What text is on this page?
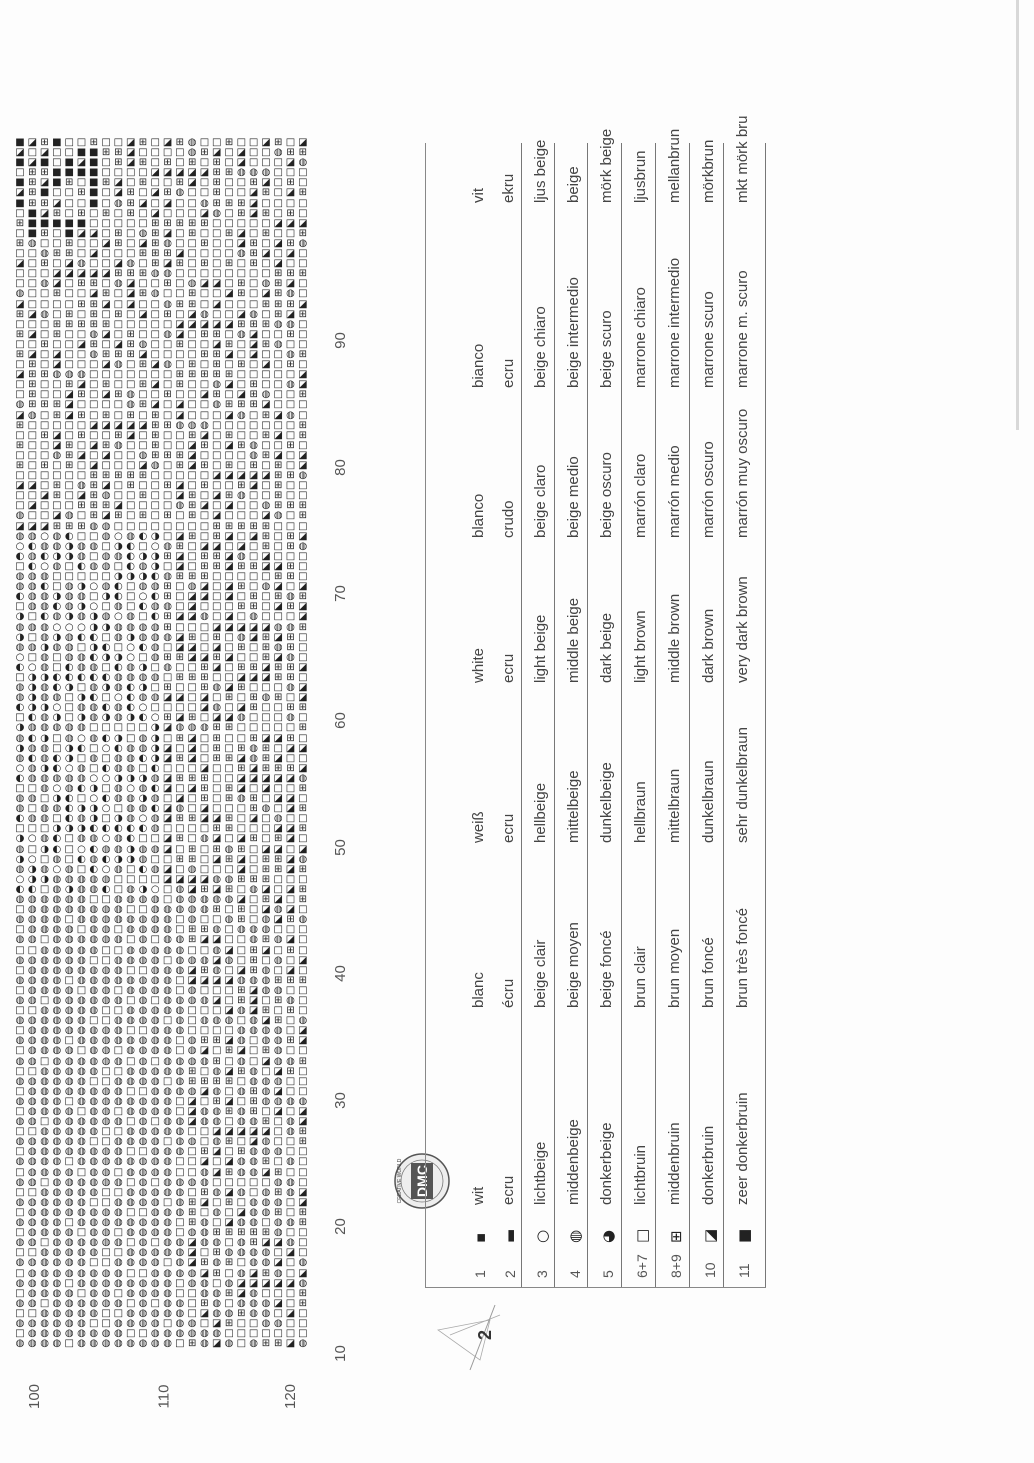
■ ◪ ⊞ ■ □ □ ⊞ □ □ ◪ ⊞ □ ◪ ⊞ ◍ □ □ ⊞ □ □ ◪ ⊞ □ ◪
◪ □ ◪ □ □ ■ ■ ⊞ ⊞ ◪ □ □ □ □ ◍ ⊞ ◪ □ ◪ □ □ ◍ ⊞ ⊞
■ ◪ ■ □ ■ ◪ ■ □ ⊞ ◪ ⊞ □ ⊞ □ ⊞ □ ⊞ □ ◪ □ □ □ ◪ ◍
□ ⊞ ⊞ ■ ■ ■ ■ □ □ □ □ ◪ ◪ ◪ ◪ ◪ ⊞ ⊞ ◍ ◍ ◍ □ □ □
■ ⊞ ◪ ■ ⊞ □ ■ ⊞ ◪ □ ⊞ □ □ ⊞ ◪ □ ⊞ □ □ ⊞ ◪ □ ⊞ □
◪ ⊞ ■ □ □ ⊞ ■ □ ◪ ⊞ □ ◪ ⊞ ◍ □ □ ⊞ □ □ ◪ ⊞ □ ◪ ⊞
■ ⊞ ⊞ ◪ □ □ ■ □ ◍ ⊞ ◪ □ ◪ □ □ ◍ ⊞ ⊞ ⊞ ◪ □ □ □ □
□ ■ ◪ ⊞ □ ⊞ □ ⊞ □ ⊞ □ ◪ □ □ □ ◪ ◍ □ ⊞ ◪ ⊞ □ ⊞ □
⊞ ■ ■ ■ ■ ■ □ □ □ □ □ ⊞ ⊞ ⊞ ⊞ ⊞ □ □ □ □ □ ◪ ◪ ◪
□ ■ ⊞ □ ■ ◪ ◪ □ ⊞ □ ◍ ⊞ ◪ □ ⊞ □ □ ⊞ ◪ □ ⊞ □ □ ⊞
⊞ ◍ □ □ ⊞ □ □ ◪ ⊞ □ ◪ ⊞ ◍ □ □ ⊞ □ □ ◪ ⊞ □ ◪ ⊞ ◍
□ □ ◍ ⊞ ⊞ □ ◪ □ □ □ ⊞ ⊞ ⊞ ◪ □ □ □ □ ◍ ⊞ ◪ □ ◪ □
◪ □ ⊞ □ ◪ ◍ □ □ ◪ ◍ □ ⊞ ◪ ⊞ □ ⊞ □ ⊞ □ ⊞ □ ◪ □ □
□ □ □ ◪ ◪ ◪ ◪ ◪ ⊞ ⊞ ⊞ ◍ ◍ □ □ □ □ □ □ □ □ ⊞ ⊞ ⊞
□ □ ◍ ◪ □ ⊞ ⊞ □ ◍ ◪ □ □ ⊞ □ ◍ ◪ ◪ □ ⊞ □ ◍ ⊞ ◪ □
◍ □ □ ⊞ □ □ ◪ ⊞ □ ◪ ⊞ ◍ □ □ ⊞ □ □ ◪ ⊞ □ ◪ ⊞ ◍ □
◪ □ □ □ □ ⊞ ⊞ ◪ □ ◪ □ □ ◍ ⊞ ⊞ □ ◪ □ □ □ ⊞ ⊞ ⊞ ◪
⊞ ◪ ◍ □ ⊞ □ ⊞ □ ⊞ □ ◪ □ ⊞ □ ◪ ◍ □ □ ◪ ◍ □ ⊞ ◪ ⊞
□ □ □ ⊞ ⊞ ⊞ ⊞ ⊞ □ □ □ □ □ ◪ ◪ ◪ ◪ ◪ ⊞ ⊞ ⊞ ◍ ◍ □
⊞ ◪ □ ⊞ □ □ ◍ ◪ □ ⊞ □ □ ◍ ◪ □ ⊞ ⊞ □ ◍ ◪ □ □ ⊞ □
□ □ ⊞ □ □ ◪ ⊞ □ ◪ ⊞ ◍ □ □ ⊞ □ □ ◪ ⊞ □ ◪ ⊞ ◍ □ □
⊞ ◪ □ ◪ □ □ ◍ ⊞ ⊞ ⊞ ◪ □ □ □ □ ⊞ ⊞ ◪ □ ◪ □ □ ◍ ⊞
□ ⊞ □ ◪ □ □ □ ◪ ◍ □ ⊞ ◪ ◍ □ ⊞ □ ⊞ □ ⊞ □ ◪ □ ⊞ □
◪ ⊞ ⊞ ◍ ◍ ◍ □ □ □ □ □ □ □ ⊞ ⊞ ⊞ ⊞ ⊞ □ □ □ □ □ ◪
□ ⊞ □ □ ⊞ ◪ □ ⊞ □ □ ⊞ ◪ □ ⊞ □ □ ◍ ◪ □ ⊞ □ □ ◍ ◪
□ ⊞ □ □ ◪ ⊞ □ ◪ ⊞ ◍ □ □ ⊞ □ □ ◪ ⊞ □ ◪ ⊞ ◍ □ □ ⊞
◍ ⊞ ⊞ ⊞ ◪ □ □ □ □ ◍ ⊞ ◪ □ ◪ □ □ ◍ ⊞ ⊞ ⊞ ◪ □ □ □
◪ ◍ □ ⊞ ◪ ⊞ □ ⊞ □ ⊞ □ ⊞ □ ◪ □ □ □ ◪ ◍ □ ⊞ ◪ ◍ □
⊞ □ □ □ □ □ ◪ ◪ ◪ ◪ ◪ ⊞ ⊞ ◍ ◍ ◍ □ □ □ □ □ □ □ ⊞
□ □ ⊞ ◪ □ ⊞ □ □ ⊞ ◪ □ ⊞ □ □ ⊞ ◪ □ ⊞ □ □ ⊞ ◪ □ ⊞
⊞ □ □ ◪ ⊞ □ ◪ ⊞ ◍ □ □ ⊞ □ □ ◪ ⊞ □ ◪ ⊞ ◍ □ □ ⊞ □
□ □ □ ◍ ⊞ ◪ □ ◪ □ □ ◍ ⊞ ⊞ ⊞ ◪ □ □ □ □ ◍ ⊞ ◪ □ ◪
⊞ □ ⊞ □ ⊞ □ ◪ □ □ □ ◪ ◍ □ ⊞ ◪ ⊞ □ ⊞ □ ⊞ □ ⊞ □ ◪
□ □ □ □ □ □ ⊞ ⊞ ⊞ ⊞ ⊞ □ □ □ □ □ ◪ ◪ ◪ ◪ ◪ ⊞ ⊞ ◍
◪ ◪ □ ⊞ □ ◍ ⊞ ◪ □ ⊞ □ □ ⊞ ◪ □ ⊞ □ □ ⊞ ◪ □ ⊞ □ □
□ □ ◪ ⊞ □ ◪ ⊞ ◍ □ □ ⊞ □ □ ◪ ⊞ □ ◪ ⊞ ◍ □ □ ⊞ □ □
□ ◪ □ □ □ ⊞ ⊞ ⊞ ◪ □ □ □ □ ◍ ⊞ ◪ □ ◪ □ □ ◍ ⊞ ⊞ ⊞
◍ □ □ ◪ ◍ □ ⊞ ◪ ⊞ □ ⊞ □ ⊞ □ ⊞ □ ◪ □ □ □ ◪ ◍ □ ⊞
◪ ◪ ◪ ⊞ ⊞ ⊞ ◍ ◍ □ □ □ □ □ □ □ □ ⊞ ⊞ ⊞ ⊞ ⊞ □ □ □
◍ ◍ ○ ◍ ◐ □ □ ◍ ○ ◍ ◐ ◑ □ ◪ ⊞ □ ⊞ ◪ □ ◪ ⊞ □ ⊞ ◪
○ ◐ ◍ ◍ ◑ ◍ ◍ □ ◑ ◐ □ ○ ◍ ⊞ □ ◪ ◪ □ ◪ □ ⊞ □ ⊞ ◍
◐ ◍ ◐ ◑ ◑ ◍ □ ◍ ◍ ◐ ◑ ◑ ⊞ ◪ □ ⊞ ⊞ ◪ ◍ □ ◪ □ □ □
□ ◐ ○ ◍ □ ◐ ◍ ◍ □ ◐ ◍ ◑ □ ◪ □ ⊞ ⊞ ◪ ⊞ ⊞ ◪ ◪ ⊞ □
◍ ◍ ◍ □ □ □ □ □ ◑ ◑ ◑ ◐ ◍ ⊞ ⊞ ⊞ □ □ □ □ □ ⊞ ⊞ □
◍ ◍ ◐ □ ◍ ◑ ○ ◍ ◐ □ ◍ ◍ ⊞ □ ◍ ◪ □ ◪ ⊞ □ ◍ ◪ □ ◪
◐ ◍ ◍ ◑ ◍ ◍ □ ◑ ◐ □ ○ ◐ ⊞ □ ◪ ◪ □ ◪ □ ⊞ □ ⊞ ◍ ⊞
□ ◍ ◍ ◐ ◍ ◑ ○ □ ◍ □ ◐ ◍ ◍ □ ◪ □ □ □ ⊞ ⊞ □ ◪ ⊞ ◪
◑ □ ◐ ◍ ◑ ◍ ◑ ◍ ○ ◍ □ ◐ ⊞ ◪ ◪ ◍ □ ◪ □ ◍ □ □ □ ◪
◍ ◍ ◍ ○ ○ ○ ◑ ◑ ◍ ◍ ◍ ◍ ⊞ □ □ □ ◪ ◪ ◪ ◪ ◪ ◍ ◍ ⊞
◑ □ ◍ ◑ ◍ ◐ ◐ □ ◍ ◑ ◍ ◍ ◍ ◪ ⊞ □ ⊞ □ ◍ ◪ ⊞ ◪ ⊞ □
◍ ◍ ◑ ◍ ◍ □ ◑ ◐ □ ○ ◐ ◍ □ ◪ ◪ □ ◪ □ ⊞ □ ⊞ ◍ ⊞ □
○ □ ◍ □ ◍ ◍ ◐ ◑ ◑ ○ □ ◍ ⊞ ⊞ ◪ ◪ ⊞ ◪ □ □ ⊞ ◪ ◍ □
◐ ○ ◍ □ ◐ ◍ ◍ □ ◐ ◍ ◑ □ ◍ □ □ ⊞ ◪ □ ⊞ ⊞ ◪ ⊞ ⊞ ◪
□ ◑ ◑ ◐ ◐ ◐ ◐ ◐ ◍ ◍ ◍ ◍ □ ⊞ ⊞ ⊞ □ □ ◪ ◪ ◪ ⊞ ⊞ □
◍ ◑ ◍ ◐ ◑ □ ◍ ◑ ◍ ◐ ◑ □ ⊞ □ □ ⊞ ◍ ◪ ⊞ □ □ □ ◍ ◪
◍ ◑ ◍ ◍ □ ◑ ◐ □ ○ ◐ ◍ ◍ ◪ ◪ □ ◪ □ ⊞ □ ⊞ ◍ ⊞ □ ◪
◐ ◑ ◑ ○ □ ◍ ◍ ◐ ◍ ◐ ○ □ □ □ □ ◪ ◍ □ ◪ ⊞ □ □ ⊞ ⊞
□ ◐ ◍ ◑ □ ◑ ◍ ◑ ◍ ◑ ◐ ○ ⊞ ◪ ⊞ □ ◪ ◪ ◍ □ □ □ ◍ □
◑ ◍ ◍ ◍ ◍ ◍ □ □ □ □ □ ◑ ◪ ◍ ◍ ◍ ⊞ ⊞ □ □ □ □ □ ⊞
◍ ◐ ◑ □ ◍ ○ ◍ ◐ ◑ □ ◍ ◑ □ ⊞ ◪ □ ⊞ □ □ ⊞ ◪ ◪ ⊞ □
◑ ◍ ◍ □ ◑ ◐ □ ○ ◐ ◍ ◍ ◑ ◪ □ ◪ □ ⊞ □ ⊞ ◍ ⊞ □ ◪ ◪
◍ ◐ ◍ ◐ ◑ □ ◍ □ ◍ ◍ ◐ ◑ ◪ ⊞ ◪ □ ⊞ ⊞ ◪ ◍ ⊞ ◪ □ □
○ ◍ ◑ ◐ ○ ◍ □ ◐ ◍ ◍ □ ◐ □ □ □ ◪ □ □ ⊞ ◪ ⊞ ⊞ ⊞ ◪
◐ ◍ ◍ ◍ ◍ ◍ ○ ○ ◑ ◑ ◑ ◍ ◪ ⊞ ⊞ ⊞ □ □ ◪ ◪ ◪ ◪ ◪ ◍
□ □ ◍ ○ ◍ ◐ ◑ □ ◍ ○ ◍ ◐ ◪ □ ◪ ⊞ □ ⊞ ◪ □ ◪ □ □ ⊞
◍ ◍ □ ◑ ◐ □ ○ ◐ ◍ ◍ ◑ ◍ □ ◪ □ ⊞ □ ⊞ ◍ ⊞ □ ◪ ◪ □
◍ □ ◍ ◍ ◐ ◑ ◑ ○ □ ◍ ◍ ◐ ◪ ◍ □ ◪ □ □ □ ⊞ ◍ □ ◪ ⊞
◐ ◍ ◍ □ ◐ ◍ ◑ □ ◑ ◍ ○ ◍ ◪ ⊞ ⊞ ◪ ◪ ⊞ □ ◪ □ ◍ □ □
□ □ □ ◑ ◑ ◑ ◐ ◐ ◐ ◐ ◐ ◍ □ □ □ □ ⊞ ⊞ □ □ □ ◪ ◪ ⊞
◑ ○ ◍ ◐ □ ◍ ◍ ○ ◍ ◐ □ □ ◪ ⊞ □ ◍ ◪ □ ◪ ⊞ □ ⊞ ◪ □
◍ □ ◑ ◐ □ ○ ◐ ◍ ◍ ◑ ◍ ◍ ◪ □ ⊞ □ ⊞ ◍ ⊞ □ ◪ ◪ □ ◪
◑ ○ □ ◍ □ ◐ ◍ ◐ ◑ ◑ ◍ □ □ ⊞ ⊞ □ ◪ ⊞ ◪ □ ⊞ ⊞ ◪ ◍
◍ ◑ ◍ ○ ◍ □ ◐ ○ ◍ □ ◐ ◍ ◪ □ ◍ □ □ □ ◪ □ ⊞ ⊞ ◪ ⊞
○ ◑ ◑ ◍ ◍ ◍ ◍ ◍ □ □ □ □ ◪ ◪ ◪ ◪ ◍ ◍ ⊞ ⊞ ⊞ □ □ □
◐ ◐ □ ◍ ◑ ◍ ◍ ◐ □ ◍ ◑ ○ □ ◍ ◪ ⊞ ◪ ⊞ □ ◍ ◪ □ ◪ ⊞
◍ ◍ ◍ ◍ ◍ ◍ □ □ ◍ ◍ ◍ ◍ □ ◍ ◍ ◍ ◍ ◍ ◪ □ ⊞ ◪ □ ⊞
□ ◍ ◍ ◍ ◍ ◍ ◍ ◍ ◍ □ □ ◍ ◍ ◍ ◍ ◍ ⊞ □ ⊞ □ ◪ ◍ ◪ □
◍ ◍ ◍ ◍ □ ◍ ◍ ◍ ◍ ◍ ◍ ◍ ◍ □ ◍ □ □ ◍ ⊞ □ ◍ ◪ ⊞ ◍
□ ◍ ◍ ◍ ◍ □ ◍ ◍ □ ◍ ◍ ◍ ◍ □ ⊞ ⊞ ◍ □ ◍ ◍ ◍ □ □ □
◍ ◍ □ ◍ ◍ ◍ ◍ ◍ ◍ □ ◍ □ ◍ ◍ ⊞ ◪ ◪ □ □ ◍ ⊞ ◍ ◪ □
□ □ ◍ ◍ ◍ ◍ ◍ □ □ ◍ ◍ ◍ ◍ ◍ □ □ ◍ ◪ □ ⊞ ◪ □ ⊞ □
◍ ◍ ◍ ◍ ◍ ◍ □ □ ◍ ◍ ◍ ◍ □ ◍ ◍ ◍ ◪ ◍ □ ⊞ □ ◍ □ ◪
□ ◍ ◍ ◍ ◍ ◍ ◍ ◍ ◍ □ □ ◍ ◍ ◍ ◪ ⊞ ◍ □ ◪ ⊞ ◍ □ ◪ □
◍ ◍ ◍ ◍ □ ◍ ◍ ◍ ◍ ◍ ◍ ◍ ◍ □ ◪ ◪ ◪ ◪ ◍ ◍ ◍ ⊞ ⊞ ⊞
□ ◍ ◍ ◍ ◍ □ ◍ ◍ □ ◍ ◍ ◍ ◍ □ ◍ □ □ □ ⊞ ◪ ◍ ◍ □ □
◍ ◍ □ ◍ ◍ ◍ ◍ ◍ ◍ □ ◍ □ ◍ ◍ ◍ ◍ ◪ □ ⊞ ◪ □ ⊞ ◍ □
□ □ ◍ ◍ ◍ ◍ ◍ □ □ ◍ ◍ ◍ ◍ ◍ □ □ □ ◪ ◍ ◪ ⊞ □ ⊞ □
◍ ◍ ◍ ◍ ◍ ◍ □ □ ◍ ◍ ◍ ◍ □ ◍ □ ◍ ◍ ◍ □ ◍ ◪ ⊞ □ ◍
□ ◍ ◍ ◍ ◍ ◍ ◍ ◍ ◍ □ □ ◍ ◍ ◍ □ □ □ □ ◍ ◍ ◍ ◍ □ ◪
◍ ◍ ◍ ◍ □ ◍ ◍ ◍ ◍ ◍ ◍ ◍ ◍ □ ◍ ⊞ ⊞ ◪ ◍ □ ◍ ◍ ⊞ ◪
□ ◍ ◍ ◍ ◍ □ ◍ ◍ □ ◍ ◍ ◍ ◍ □ ◍ ◪ □ ⊞ ◪ □ ⊞ ◍ □ □
◍ ◍ □ ◍ ◍ ◍ ◍ ◍ ◍ □ ◍ □ ◍ ◍ ◍ ◍ ⊞ □ ◍ □ ◪ ◍ ◍ ⊞
□ □ ◍ ◍ ◍ ◍ ◍ □ □ ◍ ◍ ◍ ◍ ◍ ⊞ □ ◍ ◪ ⊞ ◍ □ ◪ ⊞ □
◍ ◍ ◍ ◍ ◍ ◍ □ □ ◍ ◍ ◍ ◍ □ ◍ ⊞ ⊞ ⊞ ⊞ □ ◍ ◍ ◍ □ □
□ ◍ ◍ ◍ ◍ ◍ ◍ ◍ ◍ □ □ ◍ ◍ ◍ ◍ ◪ ◍ □ ◍ ⊞ ◍ ◪ □ □
◍ ◍ ◍ ◍ □ ◍ ◍ ◍ ◍ ◍ ◍ ◍ ◍ □ ◪ □ ⊞ ◪ □ ⊞ ◍ ◍ ◍ ◍
□ ◍ ◍ ◍ ◍ □ ◍ ◍ □ ◍ ◍ ◍ ◍ □ ◪ ◍ ◍ ⊞ ◍ ⊞ □ ◪ □ ◪
◍ ◍ □ ◍ ◍ ◍ ◍ ◍ ◍ □ ◍ □ ◍ ◍ ◪ ◍ ◍ □ ◍ ◍ ⊞ □ ◍ ◪
□ □ ◍ ◍ ◍ ◍ ◍ □ □ ◍ ◍ ◍ ◍ ◍ □ □ ◪ ◪ ◪ ◪ ◪ □ ◍ ⊞
◍ ◍ ◍ ◍ ◍ ◍ □ □ ◍ ◍ ◍ ◍ □ ◍ ◍ □ ◍ ⊞ □ ◪ ◍ □ □ ⊞
□ ◍ ◍ ◍ ◍ ◍ ◍ ◍ ◍ □ □ ◍ ◍ ◍ □ ⊞ ◪ □ ⊞ ◍ ◍ ◍ □ □
◍ ◍ ◍ ◍ □ ◍ ◍ ◍ ◍ ◍ ◍ ◍ ◍ □ □ ◪ □ ◪ ◍ ◍ ⊞ □ ◍ □
□ ◍ ◍ ◍ ◍ □ ◍ ◍ □ ◍ ◍ ◍ ◍ □ □ ◍ ◪ ⊞ ◍ ◍ ◪ ⊞ □ □
◍ ◍ □ ◍ ◍ ◍ ◍ ◍ ◍ □ ◍ □ ◍ ◍ ◍ ◍ □ □ □ □ □ ◍ ◍ □
□ □ ◍ ◍ ◍ ◍ ◍ □ □ ◍ ◍ ◍ ◍ ◍ □ ⊞ ◍ ◪ ◍ □ ◍ ⊞ ◍ ◪
◍ ◍ ◍ ◍ ◍ ◍ □ □ ◍ ◍ ◍ ◍ □ ◍ ⊞ ◪ □ ⊞ □ ◍ ◍ ◍ □ ◪
□ ◍ ◍ ◍ ◍ ◍ ◍ ◍ ◍ □ □ ◍ ◍ ◍ ⊞ □ ◍ □ ◪ ◍ ◍ ⊞ □ ⊞
◍ ◍ ◍ ◍ □ ◍ ◍ ◍ ◍ ◍ ◍ ◍ ◍ □ ⊞ ◍ □ ◪ ◍ ◍ □ ◍ ◍ ⊞
□ ◍ ◍ ◍ ◍ □ ◍ ◍ □ ◍ ◍ ◍ ◍ □ ◍ ◍ ⊞ ⊞ ⊞ ⊞ ⊞ ◍ □ □
◍ ◍ □ ◍ ◍ ◍ ◍ ◍ ◍ □ ◍ □ ◍ ◍ ◪ ◍ ◍ □ ◍ ⊞ ◪ ◪ ◍ □
□ □ ◍ ◍ ◍ ◍ ◍ □ □ ◍ ◍ ◍ ◍ ◍ ◪ □ ⊞ ◍ ◍ ◍ ◍ □ ◪ □
◍ ◍ ◍ ◍ ◍ ◍ □ □ ◍ ◍ ◍ ◍ □ ◍ ◪ ⊞ ◍ ⊞ □ ◍ ◍ ◪ □ ◍
□ ◍ ◍ ◍ ◍ ◍ ◍ ◍ ◍ □ □ ◍ ◍ ◍ ◍ ◪ ⊞ □ ◍ ◪ ⊞ ◍ □ ◪
◍ ◍ ◍ ◍ □ ◍ ◍ ◍ ◍ ◍ ◍ ◍ ◍ □ ◍ ◍ □ ◍ ◪ ◪ ◪ ◪ ◪ ◍
□ ◍ ◍ ◍ ◍ □ ◍ ◍ □ ◍ ◍ ◍ ◍ □ □ ◍ ◍ ⊞ ◪ ◍ □ □ □ ⊞
◍ ◍ □ ◍ ◍ ◍ ◍ ◍ ◍ □ ◍ □ ◍ ◍ □ ⊞ ◍ □ ◍ ◍ ◍ ◪ □ ⊞
□ □ ◍ ◍ ◍ ◍ ◍ □ □ ◍ ◍ ◍ ◍ ◍ □ ◪ ◍ ◍ ⊞ ◍ ◍ □ ◪ □
◍ ◍ ◍ ◍ ◍ ◍ □ □ ◍ ◍ ◍ ◍ □ ◍ ◍ □ ◪ ⊞ □ □ ◍ ◍ □ □
□ ◍ ◍ ◍ ◍ ◍ ◍ ◍ ◍ □ □ ◍ ◍ ◍ ◍ ◍ ◍ □ □ □ □ □ □ □
◍ ◍ ◍ ◍ □ ◍ ◍ ◍ ◍ ◍ ◍ ◍ ◍ □ ⊞ ◍ ◪ ◍ □ ◍ ⊞ ⊞ ◪ ◍
DMC
CREATIVE WORLD
1
▪
wit
blanc
weiß
white
blanco
bianco
vit
2
▬
ecru
écru
ecru
ecru
crudo
ecru
ekru
3
○
lichtbeige
beige clair
hellbeige
light beige
beige claro
beige chiaro
ljus beige
4
◍
middenbeige
beige moyen
mittelbeige
middle beige
beige medio
beige intermedio
beige
5
◕
donkerbeige
beige foncé
dunkelbeige
dark beige
beige oscuro
beige scuro
mörk beige
6+7
□
lichtbruin
brun clair
hellbraun
light brown
marrón claro
marrone chiaro
ljusbrun
8+9
⊞
middenbruin
brun moyen
mittelbraun
middle brown
marrón medio
marrone intermedio
mellanbrun
10
◪
donkerbruin
brun foncé
dunkelbraun
dark brown
marrón oscuro
marrone scuro
mörkbrun
11
■
zeer donkerbruin
brun très foncé
sehr dunkelbraun
very dark brown
marrón muy oscuro
marrone m. scuro
mkt mörk bru
2
10
20
30
40
50
60
70
80
90
100	110	120
